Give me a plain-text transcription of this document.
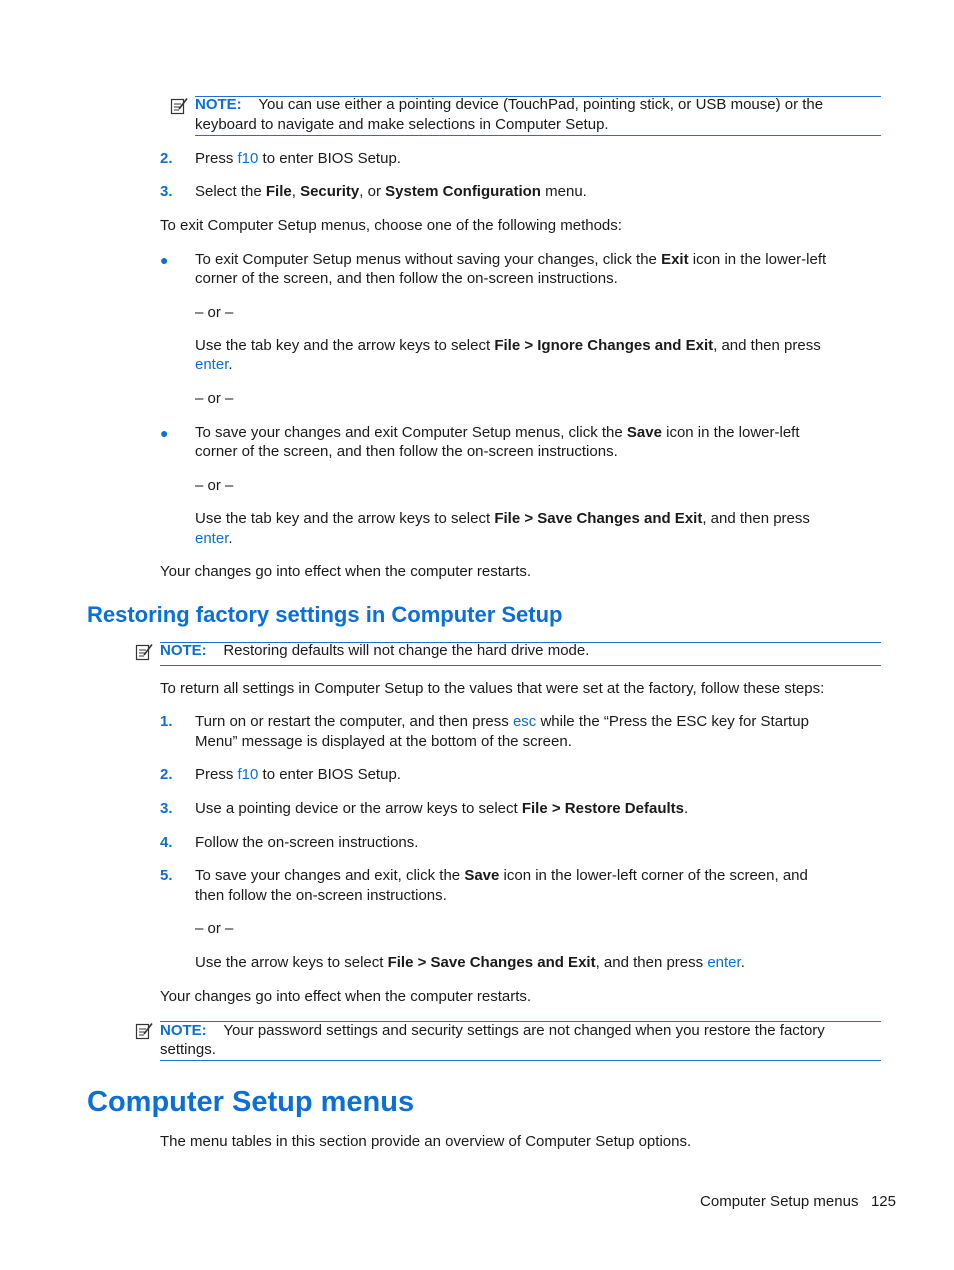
NOTE: You can use either a pointing device (TouchPad, pointing stick, or USB mouse) or the
keyboard to navigate and make selections in Computer Setup.
2. Press f10 to enter BIOS Setup.
3. Select the File, Security, or System Configuration menu.
To exit Computer Setup menus, choose one of the following methods:
● To exit Computer Setup menus without saving your changes, click the Exit icon in the lower-left
corner of the screen, and then follow the on-screen instructions.
– or –
Use the tab key and the arrow keys to select File > Ignore Changes and Exit, and then press
enter.
– or –
● To save your changes and exit Computer Setup menus, click the Save icon in the lower-left
corner of the screen, and then follow the on-screen instructions.
– or –
Use the tab key and the arrow keys to select File > Save Changes and Exit, and then press
enter.
Your changes go into effect when the computer restarts.
Restoring factory settings in Computer Setup
NOTE: Restoring defaults will not change the hard drive mode.
To return all settings in Computer Setup to the values that were set at the factory, follow these steps:
1. Turn on or restart the computer, and then press esc while the “Press the ESC key for Startup
Menu” message is displayed at the bottom of the screen.
2. Press f10 to enter BIOS Setup.
3. Use a pointing device or the arrow keys to select File > Restore Defaults.
4. Follow the on-screen instructions.
5. To save your changes and exit, click the Save icon in the lower-left corner of the screen, and
then follow the on-screen instructions.
– or –
Use the arrow keys to select File > Save Changes and Exit, and then press enter.
Your changes go into effect when the computer restarts.
NOTE: Your password settings and security settings are not changed when you restore the factory
settings.
Computer Setup menus
The menu tables in this section provide an overview of Computer Setup options.
Computer Setup menus 125
